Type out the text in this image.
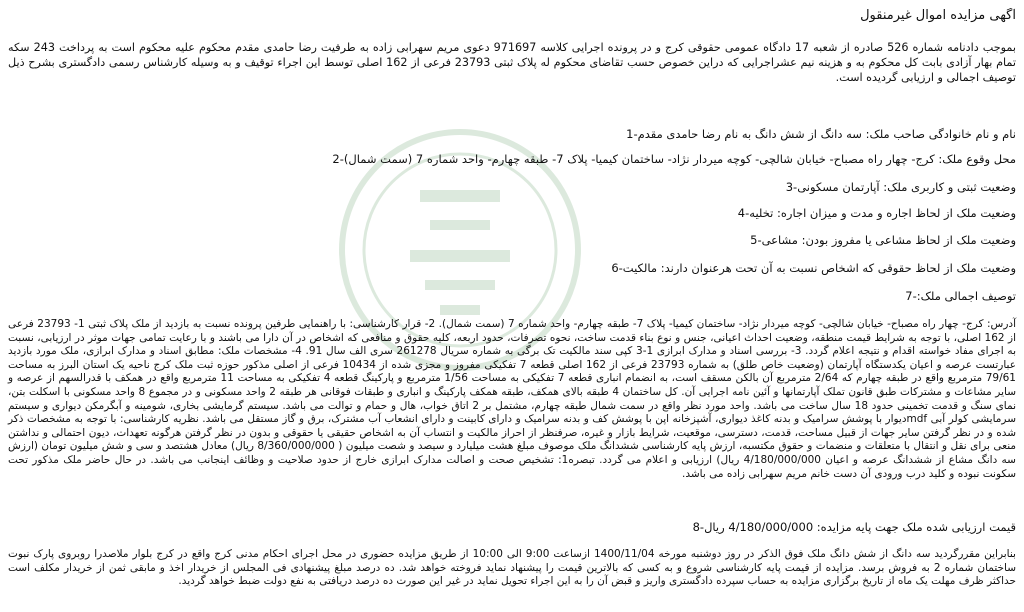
آگهی مزایده اموال غیرمنقول
بموجب دادنامه شماره 526 صادره از شعبه 17 دادگاه عمومی حقوقی کرج و در پرونده اجرایی کلاسه 971697 دعوی مریم سهرابی زاده به طرفیت رضا حامدی مقدم محکوم علیه محکوم است به پرداخت 243 سکه تمام بهار آزادی بابت کل محکوم به و هزینه نیم عشراجرایی که دراین خصوص حسب تقاضای محکوم له پلاک ثبتی 23793 فرعی از 162 اصلی توسط این اجراء توقیف و به وسیله کارشناس رسمی دادگستری بشرح ذیل توصیف اجمالی و ارزیابی گردیده است.
نام و نام خانوادگی صاحب ملک: سه دانگ از شش دانگ به نام رضا حامدی مقدم-1
محل وقوع ملک: کرج- چهار راه مصباح- خیابان شالچی- کوچه میردار نژاد- ساختمان کیمیا- پلاک 7- طبقه چهارم- واحد شماره 7 (سمت شمال)-2
وضعیت ثبتی و کاربری ملک: آپارتمان مسکونی-3
وضعیت ملک از لحاظ اجاره و مدت و میزان اجاره: تخلیه-4
وضعیت ملک از لحاظ مشاعی یا مفروز بودن: مشاعی-5
وضعیت ملک از لحاظ حقوقی که اشخاص نسبت به آن تحت هرعنوان دارند: مالکیت-6
توصیف اجمالی ملک:-7
آدرس: کرج- چهار راه مصباح- خیابان شالچی- کوچه میردار نژاد- ساختمان کیمیا- پلاک 7- طبقه چهارم- واحد شماره 7 (سمت شمال). 2- قرار کارشناسی: با راهنمایی طرفین پرونده نسبت به بازدید از ملک پلاک ثبتی 1- 23793 فرعی از 162 اصلی، با توجه به شرایط قیمت منطقه، وضعیت احداث اعیانی، جنس و نوع بناء قدمت ساخت، نحوه تصرفات، حدود اربعه، کلیه حقوق و منافعی که اشخاص در آن دارا می باشند و با رعایت تمامی جهات موثر در ارزیابی، نسبت به اجرای مفاد خواسته اقدام و نتیجه اعلام گردد. 3- بررسی اسناد و مدارک ابرازی 1-3 کپی سند مالکیت تک برگی به شماره سریال 261278 سری الف سال 91. 4- مشخصات ملک: مطابق اسناد و مدارک ابرازی، ملک مورد بازدید عبارتست عرصه و اعیان یکدستگاه آپارتمان (وضعیت خاص طلق) به شماره 23793 فرعی از 162 اصلی قطعه 7 تفکیکی مفروز و مجزی شده از 10434 فرعی از اصلی مذکور حوزه ثبت ملک کرج ناحیه یک استان البرز به مساحت 79/61 مترمربع واقع در طبقه چهارم که 2/64 مترمربع آن بالکن مسقف است، به انضمام انباری قطعه 7 تفکیکی به مساحت 1/56 مترمربع و پارکینگ قطعه 4 تفکیکی به مساحت 11 مترمربع واقع در همکف با قدرالسهم از عرصه و سایر مشاعات و مشترکات طبق قانون تملک آپارتمانها و آئین نامه اجرایی آن. کل ساختمان 4 طبقه بالای همکف، طبقه همکف پارکینگ و انباری و طبقات فوقانی هر طبقه 2 واحد مسکونی و در مجموع 8 واحد مسکونی با اسکلت بتن، نمای سنگ و قدمت تخمینی حدود 18 سال ساخت می باشد. واحد مورد نظر واقع در سمت شمال طبقه چهارم، مشتمل بر 2 اتاق خواب، هال و حمام و توالت می باشد. سیستم گرمایشی بخاری، شومینه و آبگرمکن دیواری و سیستم سرمایشی کولر آبی mdfدیوار با پوشش سرامیک و بدنه کاغذ دیواری، آشپزخانه اپن با پوشش کف و بدنه سرامیک و دارای کابینت و دارای انشعاب آب مشترک، برق و گاز مستقل می باشد. نظریه کارشناسی: با توجه به مشخصات ذکر شده و در نظر گرفتن سایر جهات از قبیل مساحت، قدمت، دسترسی، موقعیت، شرایط بازار و غیره، صرفنظر از احراز مالکیت و انتساب آن به اشخاص حقیقی یا حقوقی و بدون در نظر گرفتن هرگونه تعهدات، دیون احتمالی و نداشتن منعی برای نقل و انتقال با متعلقات و منضمات و حقوق مکتسبه، ارزش پایه کارشناسی ششدانگ ملک موصوف مبلغ هشت میلیارد و سیصد و شصت میلیون ( 8/360/000/000 ریال) معادل هشتصد و سی و شش میلیون تومان (ارزش سه دانگ مشاع از ششدانگ عرصه و اعیان 4/180/000/000 ریال) ارزیابی و اعلام می گردد. تبصره1: تشخیص صحت و اصالت مدارک ابرازی خارج از حدود صلاحیت و وظائف اینجانب می باشد. در حال حاضر ملک مذکور تحت سکونت نبوده و کلید درب ورودی آن دست خانم مریم سهرابی زاده می باشد.
قیمت ارزیابی شده ملک جهت پایه مزایده: 4/180/000/000 ریال-8
بنابراین مقررگردید سه دانگ از شش دانگ ملک فوق الذکر در روز دوشنبه مورخه 1400/11/04 ازساعت 9:00 الی 10:00 از طریق مزایده حضوری در محل اجرای احکام مدنی کرج واقع در کرج بلوار ملاصدرا روبروی پارک نبوت ساختمان شماره 2 به فروش برسد. مزایده از قیمت پایه کارشناسی شروع و به کسی که بالاترین قیمت را پیشنهاد نماید فروخته خواهد شد. ده درصد مبلغ پیشنهادی فی المجلس از خریدار اخذ و مابقی ثمن از خریدار مکلف است حداکثر ظرف مهلت یک ماه از تاریخ برگزاری مزایده به حساب سپرده دادگستری واریز و قبض آن را به این اجراء تحویل نماید در غیر این صورت ده درصد دریافتی به نفع دولت ضبط خواهد گردید.
